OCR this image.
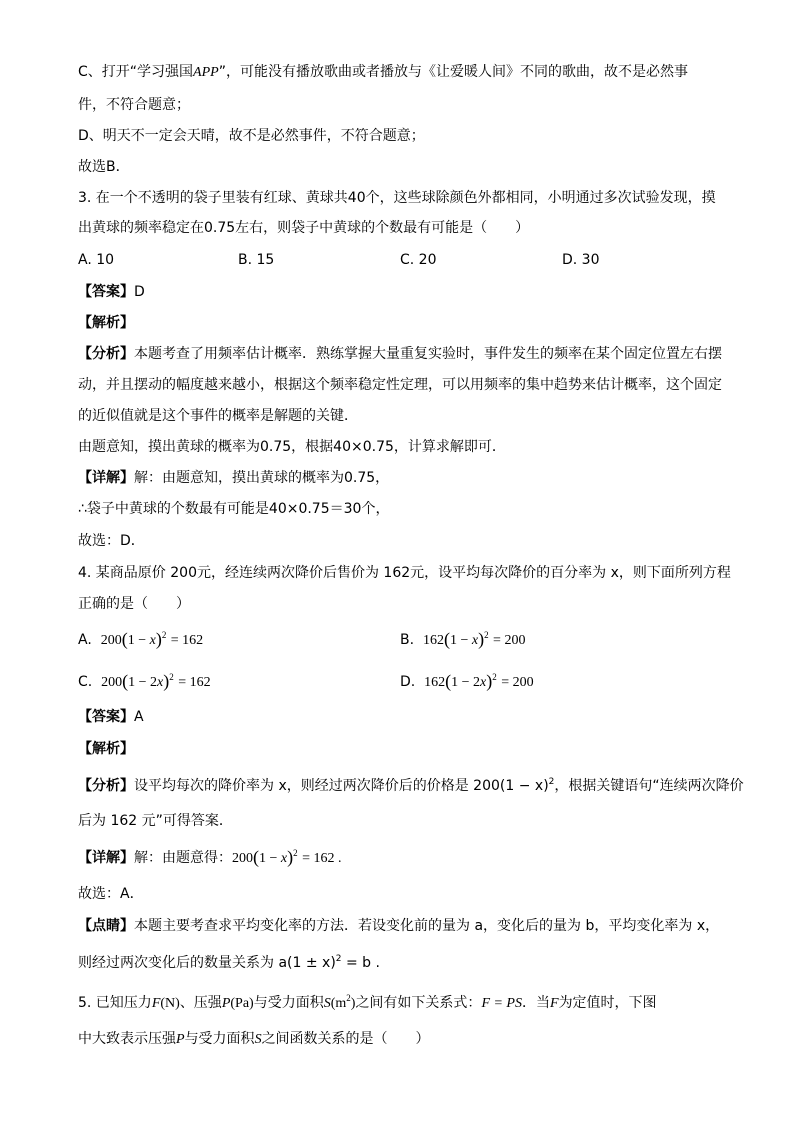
C、打开“学习强国APP”，可能没有播放歌曲或者播放与《让爱暖人间》不同的歌曲，故不是必然事
件，不符合题意；
D、明天不一定会天晴，故不是必然事件，不符合题意；
故选B．
3. 在一个不透明的袋子里装有红球、黄球共40个，这些球除颜色外都相同，小明通过多次试验发现，摸
出黄球的频率稳定在0.75左右，则袋子中黄球的个数最有可能是（　　）
A. 10	B. 15	C. 20	D. 30
【答案】D
【解析】
【分析】本题考查了用频率估计概率．熟练掌握大量重复实验时，事件发生的频率在某个固定位置左右摆
动，并且摆动的幅度越来越小，根据这个频率稳定性定理，可以用频率的集中趋势来估计概率，这个固定
的近似值就是这个事件的概率是解题的关键．
由题意知，摸出黄球的概率为0.75，根据40×0.75，计算求解即可．
【详解】解：由题意知，摸出黄球的概率为0.75，
∴袋子中黄球的个数最有可能是40×0.75＝30个，
故选：D．
4. 某商品原价 200元，经连续两次降价后售价为 162元，设平均每次降价的百分率为 x，则下面所列方程
正确的是（　　）
A. $200(1 - x)^2 = 162$	B. $162(1 - x)^2 = 200$
C. $200(1 - 2x)^2 = 162$	D. $162(1 - 2x)^2 = 200$
【答案】A
【解析】
【分析】设平均每次的降价率为 x，则经过两次降价后的价格是 $200(1 - x)^2$，根据关键语句“连续两次降价
后为 162 元”可得答案．
【详解】解：由题意得：$200(1 - x)^2 = 162$ .
故选：A．
【点睛】本题主要考查求平均变化率的方法．若设变化前的量为 a，变化后的量为 b，平均变化率为 x，
则经过两次变化后的数量关系为 $a(1 \pm x)^2 = b$ .
5. 已知压力F(N)、压强P(Pa)与受力面积$S(m^2)$之间有如下关系式：F = PS．当F为定值时，下图
中大致表示压强P与受力面积S之间函数关系的是（　　）
